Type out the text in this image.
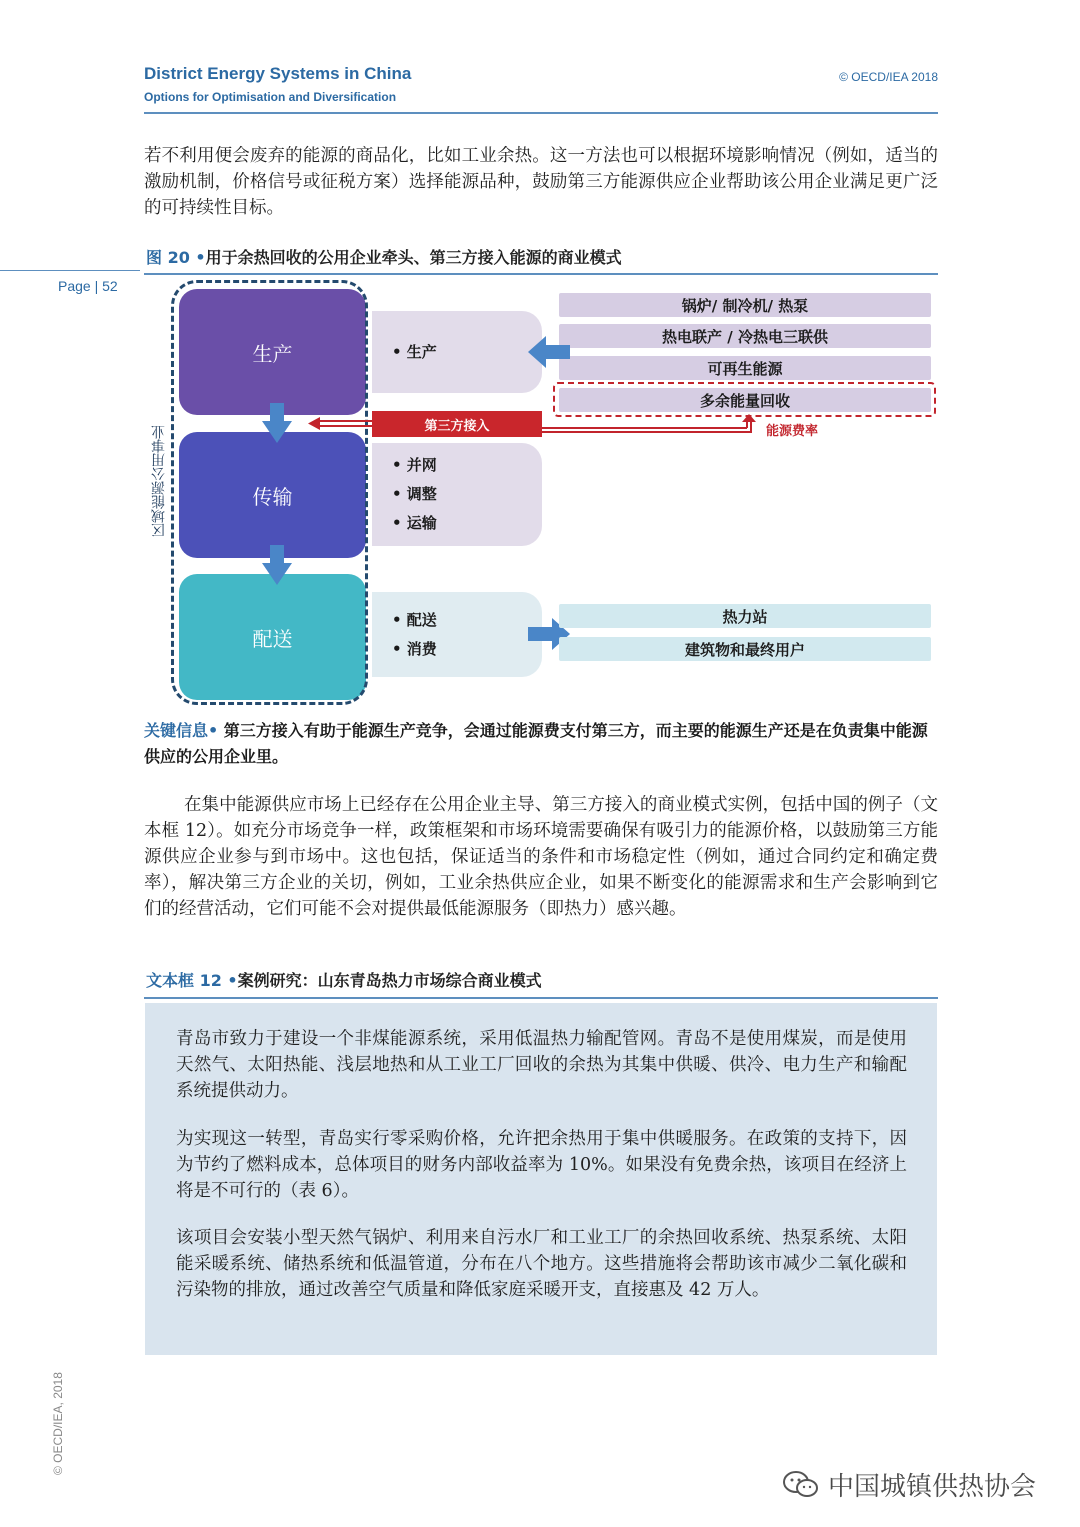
District Energy Systems in China
Options for Optimisation and Diversification
© OECD/IEA 2018
若不利用便会废弃的能源的商品化，比如工业余热。这一方法也可以根据环境影响情况（例如，适当的激励机制，价格信号或征税方案）选择能源品种，鼓励第三方能源供应企业帮助该公用企业满足更广泛的可持续性目标。
图 20 •用于余热回收的公用企业牵头、第三方接入能源的商业模式
Page | 52
区域能源公用事业
生产
传输
配送
• 生产
• 并网
• 调整
• 运输
• 配送
• 消费
锅炉/ 制冷机/ 热泵
热电联产 / 冷热电三联供
可再生能源
多余能量回收
第三方接入	能源费率
热力站
建筑物和最终用户
关键信息• 第三方接入有助于能源生产竞争，会通过能源费支付第三方，而主要的能源生产还是在负责集中能源供应的公用企业里。
在集中能源供应市场上已经存在公用企业主导、第三方接入的商业模式实例，包括中国的例子（文本框 12）。如充分市场竞争一样，政策框架和市场环境需要确保有吸引力的能源价格，以鼓励第三方能源供应企业参与到市场中。这也包括，保证适当的条件和市场稳定性（例如，通过合同约定和确定费率），解决第三方企业的关切，例如，工业余热供应企业，如果不断变化的能源需求和生产会影响到它们的经营活动，它们可能不会对提供最低能源服务（即热力）感兴趣。
文本框 12 •案例研究：山东青岛热力市场综合商业模式
青岛市致力于建设一个非煤能源系统，采用低温热力输配管网。青岛不是使用煤炭，而是使用天然气、太阳热能、浅层地热和从工业工厂回收的余热为其集中供暖、供冷、电力生产和输配系统提供动力。
为实现这一转型，青岛实行零采购价格，允许把余热用于集中供暖服务。在政策的支持下，因为节约了燃料成本，总体项目的财务内部收益率为 10%。如果没有免费余热，该项目在经济上将是不可行的（表 6）。
该项目会安装小型天然气锅炉、利用来自污水厂和工业工厂的余热回收系统、热泵系统、太阳能采暖系统、储热系统和低温管道，分布在八个地方。这些措施将会帮助该市减少二氧化碳和污染物的排放，通过改善空气质量和降低家庭采暖开支，直接惠及 42 万人。
© OECD/IEA, 2018
中国城镇供热协会
